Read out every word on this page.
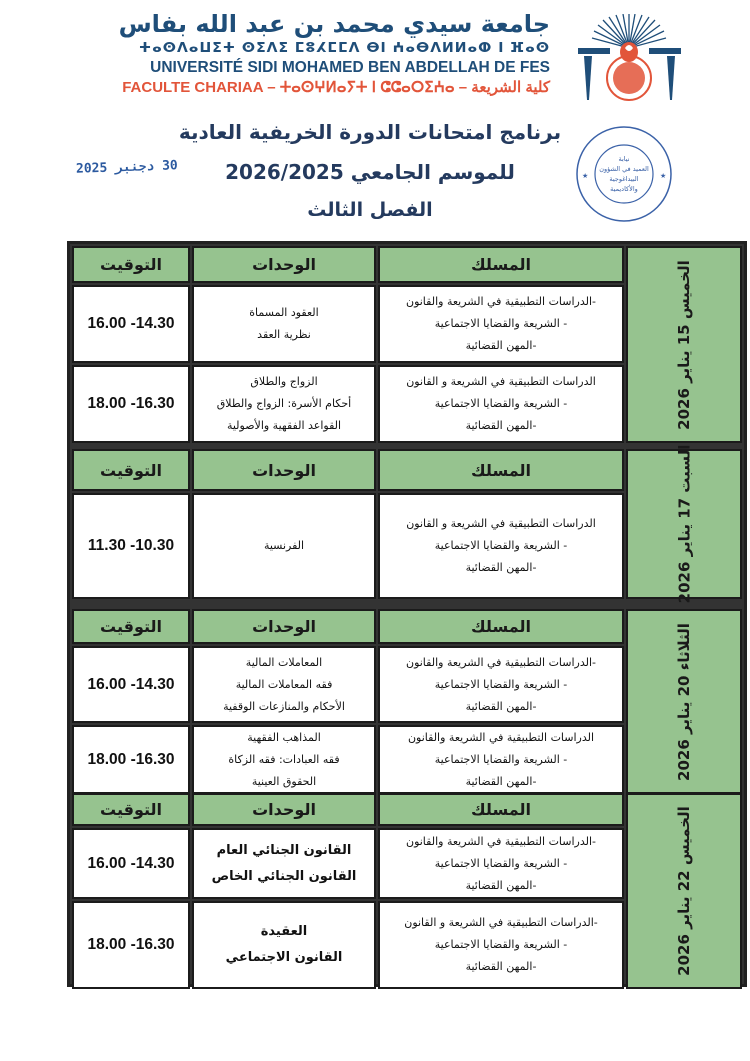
جامعة سيدي محمد بن عبد الله بفاس
ⵜⴰⵙⴷⴰⵡⵉⵜ ⵙⵉⴷⵉ ⵎⵓⵃⵎⵎⴷ ⴱⵏ ⵄⴰⴱⴷⵍⵍⴰⵀ ⵏ ⴼⴰⵙ
UNIVERSITÉ SIDI MOHAMED BEN ABDELLAH DE FES
FACULTE CHARIAA – ⵜⴰⵙⵖⵍⴰⵢⵜ ⵏ ⵛⵛⴰⵔⵉⵄⴰ – كلية الشريعة
برنامج امتحانات الدورة الخريفية العادية
للموسم الجامعي 2026/2025
الفصل الثالث
30 دجنبر 2025	نيابة
العميد في الشؤون
البيداغوجية
والأكاديمية
★	★
الخميس 15 يناير 2026
المسلك
الوحدات
التوقيت
-الدراسات التطبيقية في الشريعة والقانون
- الشريعة والقضايا الاجتماعية
-المهن القضائية
العقود المسماة
نظرية العقد
16.00 -14.30
الدراسات التطبيقية في الشريعة و القانون
- الشريعة والقضايا الاجتماعية
-المهن القضائية
الزواج والطلاق
أحكام الأسرة: الزواج والطلاق
القواعد الفقهية والأصولية
18.00 -16.30
السبت 17 يناير 2026
المسلك
الوحدات
التوقيت
الدراسات التطبيقية في الشريعة و القانون
- الشريعة والقضايا الاجتماعية
-المهن القضائية
الفرنسية
11.30 -10.30
الثلاثاء 20 يناير 2026
المسلك
الوحدات
التوقيت
-الدراسات التطبيقية في الشريعة والقانون
- الشريعة والقضايا الاجتماعية
-المهن القضائية
المعاملات المالية
فقه المعاملات المالية
الأحكام والمنازعات الوقفية
16.00 -14.30
الدراسات التطبيقية في الشريعة والقانون
- الشريعة والقضايا الاجتماعية
-المهن القضائية
المذاهب الفقهية
فقه العبادات: فقه الزكاة
الحقوق العينية
18.00 -16.30
الخميس 22 يناير 2026
المسلك
الوحدات
التوقيت
-الدراسات التطبيقية في الشريعة والقانون
- الشريعة والقضايا الاجتماعية
-المهن القضائية
القانون الجنائي العام
القانون الجنائي الخاص
16.00 -14.30
-الدراسات التطبيقية في الشريعة و القانون
- الشريعة والقضايا الاجتماعية
-المهن القضائية
العقيدة
القانون الاجتماعي
18.00 -16.30
